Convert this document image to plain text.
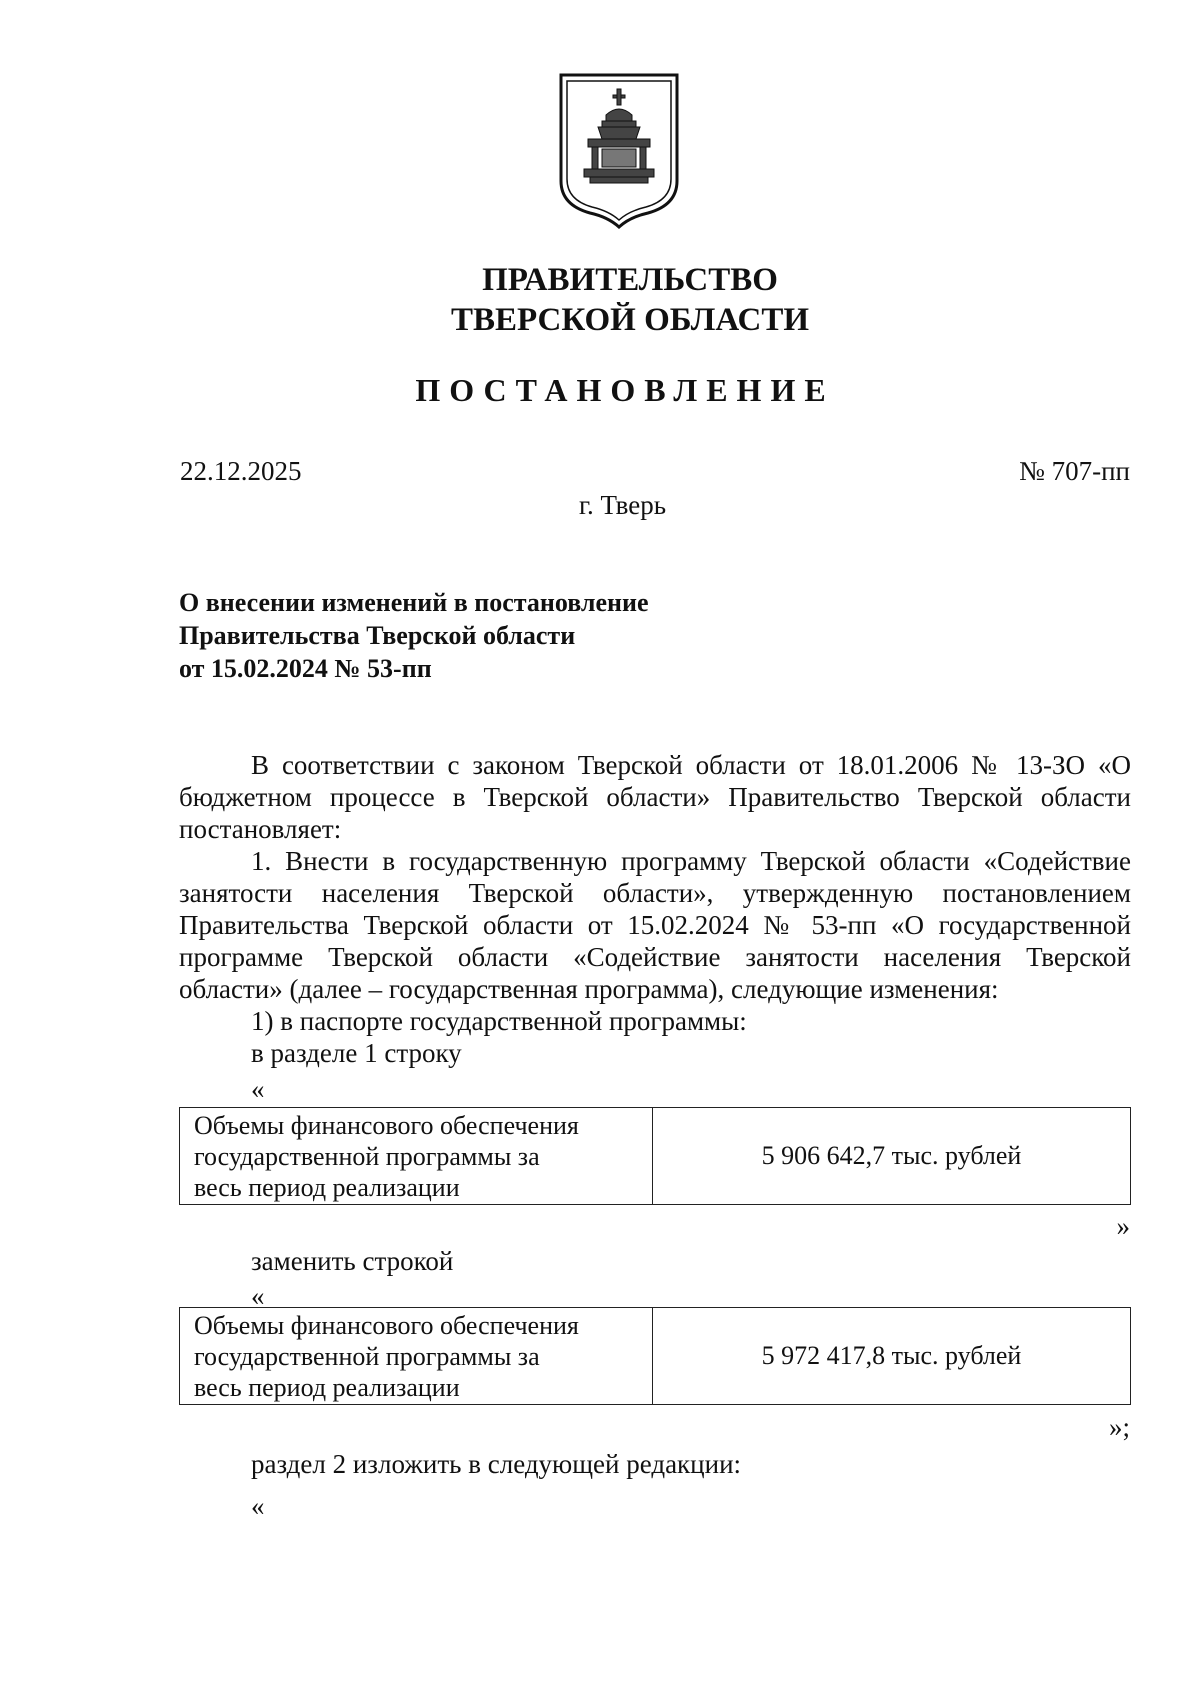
ПРАВИТЕЛЬСТВО
ТВЕРСКОЙ ОБЛАСТИ
ПОСТАНОВЛЕНИЕ
22.12.2025	№ 707-пп
г. Тверь
О внесении изменений в постановление
Правительства Тверской области
от 15.02.2024 № 53-пп
В соответствии с законом Тверской области от 18.01.2006 № 13-ЗО «О бюджетном процессе в Тверской области» Правительство Тверской области постановляет:
1. Внести в государственную программу Тверской области «Содействие занятости населения Тверской области», утвержденную постановлением Правительства Тверской области от 15.02.2024 № 53-пп «О государственной программе Тверской области «Содействие занятости населения Тверской области» (далее – государственная программа), следующие изменения:
1) в паспорте государственной программы:
в разделе 1 строку
«
Объемы финансового обеспечения
государственной программы за
весь период реализации
	5 906 642,7 тыс. рублей
»
заменить строкой
«
Объемы финансового обеспечения
государственной программы за
весь период реализации
	5 972 417,8 тыс. рублей
»;
раздел 2 изложить в следующей редакции:
«
